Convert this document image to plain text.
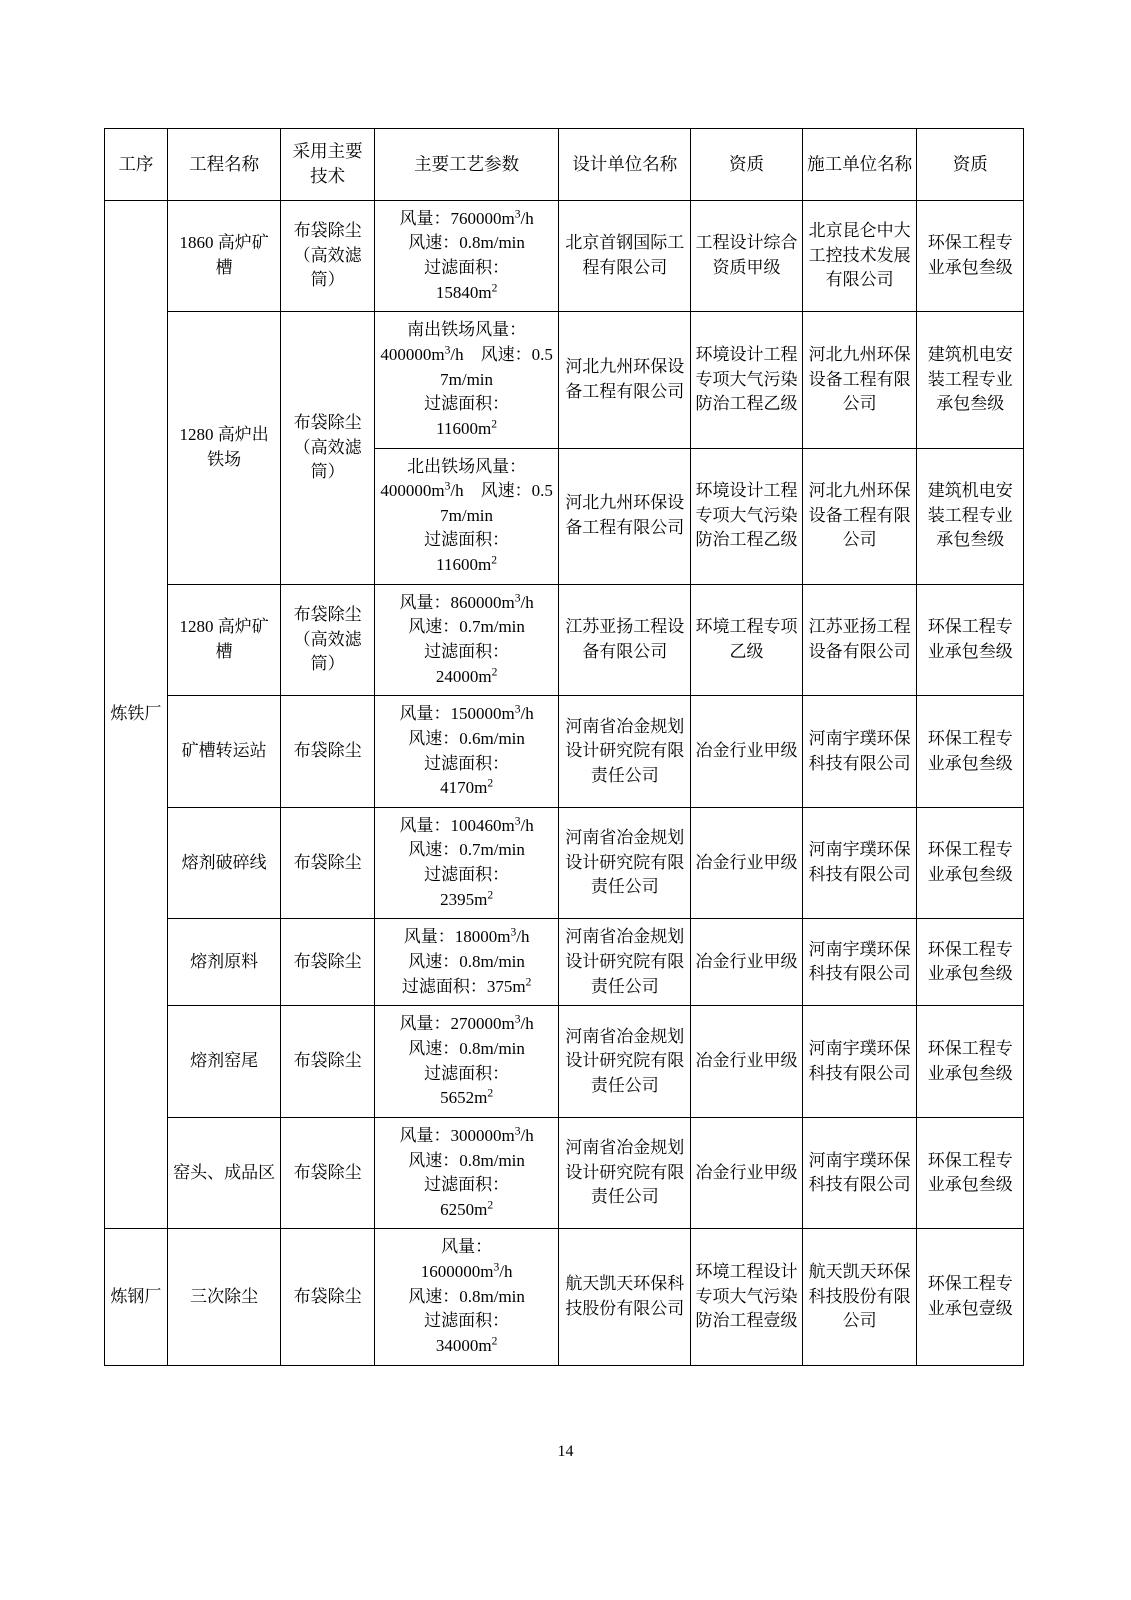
工序	工程名称	采用主要技术	主要工艺参数	设计单位名称	资质	施工单位名称	资质
炼铁厂	1860 高炉矿槽	布袋除尘（高效滤筒）	风量：$760000m^3/h$
风速：0.8m/min
过滤面积：
$15840m^2$	北京首钢国际工程有限公司	工程设计综合资质甲级	北京昆仑中大工控技术发展有限公司	环保工程专业承包叁级
	1280 高炉出铁场	布袋除尘（高效滤筒）	南出铁场风量：
$400000m^3/h$　风速：0.57m/min
过滤面积：
$11600m^2$	河北九州环保设备工程有限公司	环境设计工程专项大气污染防治工程乙级	河北九州环保设备工程有限公司	建筑机电安装工程专业承包叁级

			北出铁场风量：
$400000m^3/h$　风速：0.57m/min
过滤面积：
$11600m^2$	河北九州环保设备工程有限公司	环境设计工程专项大气污染防治工程乙级	河北九州环保设备工程有限公司	建筑机电安装工程专业承包叁级
	1280 高炉矿槽	布袋除尘（高效滤筒）	风量：$860000m^3/h$
风速：0.7m/min
过滤面积：
$24000m^2$	江苏亚扬工程设备有限公司	环境工程专项乙级	江苏亚扬工程设备有限公司	环保工程专业承包叁级
	矿槽转运站	布袋除尘	风量：$150000m^3/h$
风速：0.6m/min
过滤面积：
$4170m^2$	河南省冶金规划设计研究院有限责任公司	冶金行业甲级	河南宇璞环保科技有限公司	环保工程专业承包叁级
	熔剂破碎线	布袋除尘	风量：$100460m^3/h$
风速：0.7m/min
过滤面积：
$2395m^2$	河南省冶金规划设计研究院有限责任公司	冶金行业甲级	河南宇璞环保科技有限公司	环保工程专业承包叁级
	熔剂原料	布袋除尘	风量：$18000m^3/h$
风速：0.8m/min
过滤面积：$375m^2$	河南省冶金规划设计研究院有限责任公司	冶金行业甲级	河南宇璞环保科技有限公司	环保工程专业承包叁级
	熔剂窑尾	布袋除尘	风量：$270000m^3/h$
风速：0.8m/min
过滤面积：
$5652m^2$	河南省冶金规划设计研究院有限责任公司	冶金行业甲级	河南宇璞环保科技有限公司	环保工程专业承包叁级
	窑头、成品区	布袋除尘	风量：$300000m^3/h$
风速：0.8m/min
过滤面积：
$6250m^2$	河南省冶金规划设计研究院有限责任公司	冶金行业甲级	河南宇璞环保科技有限公司	环保工程专业承包叁级
炼钢厂	三次除尘	布袋除尘	风量：
$1600000m^3/h$
风速：0.8m/min
过滤面积：
$34000m^2$	航天凯天环保科技股份有限公司	环境工程设计专项大气污染防治工程壹级	航天凯天环保科技股份有限公司	环保工程专业承包壹级
14
